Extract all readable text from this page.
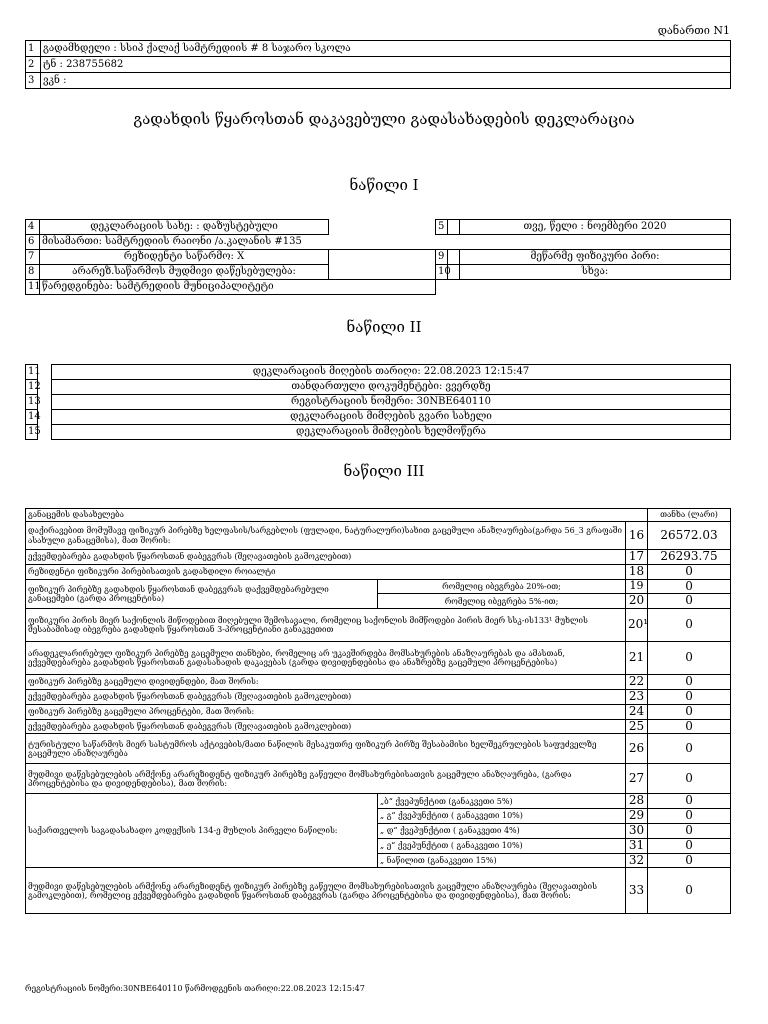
დანართი N1
1	გადამხდელი : სსიპ ქალაქ სამტრედიის # 8 საჯარო სკოლა
2	ტნ : 238755682
3	ვკნ :
გადახდის წყაროსთან დაკავებული გადასახადების დეკლარაცია
ნაწილი I
4	დეკლარაციის სახე: : დაზუსტებული		5		თვე, წელი : ნოემბერი 2020
6	მისამართი: სამტრედიის რაიონი /ა.კალანის #135				
7	რეზიდენტი საწარმო: X		9		მეწარმე ფიზიკური პირი:
8	არარეზ.საწარმოს მუდმივი დაწესებულება:		10		სხვა:
11	წარედგინება: სამტრედიის მუნიციპალიტეტი				
ნაწილი II
11		დეკლარაციის მიღების თარიღი: 22.08.2023 12:15:47
12		თანდართული დოკუმენტები: ვვერდზე
13		რეგისტრაციის ნომერი: 30NBE640110
14		დეკლარაციის მიმღების გვარი სახელი
15		დეკლარაციის მიმღების ხელმოწერა
ნაწილი III
განაცემის დასახელება			თანხა (ლარი)
დაქირავებით მომუშავე ფიზიკურ პირებზე ხელფასის/სარგებლის (ფულადი, ნატურალური)სახით გაცემული ანაზღაურება(გარდა 56_3 გრაფაში ასახული განაცემისა), მათ შორის:		16	26572.03
ექვემდებარება გადახდის წყაროსთან დაბეგვრას (შეღავათების გამოკლებით)		17	26293.75
რეზიდენტი ფიზიკური პირებისათვის გადახდილი როიალტი		18	0
ფიზიკურ პირებზე გადახდის წყაროსთან დაბეგვრას დაქვემდებარებული განაცემები (გარდა პროცენტისა)	რომელიც იბეგრება 20%-ით;	19	0
	რომელიც იბეგრება 5%-ით;	20	0
ფიზიკური პირის მიერ საქონლის მიწოდებით მიღებული შემოსავალი, რომელიც საქონლის მიმწოდები პირის მიერ სსკ-ის133¹ მუხლის შესაბამისად იბეგრება გადახდის წყაროსთან 3-პროცენტიანი განაკვეთით		20¹	0
არადეკლარირებულ ფიზიკურ პირებზე გაცემული თანხები, რომელიც არ უკავშირდება მომსახურების ანაზღაურებას და ამასთან, ექვემდებარება გადახდის წყაროსთან გადასახადის დაკავებას (გარდა დივიდენდებისა და ანაზრებზე გაცემული პროცენტებისა)		21	0
ფიზიკურ პირებზე გაცემული დივიდენდები, მათ შორის:		22	0
ექვემდებარება გადახდის წყაროსთან დაბეგვრას (შეღავათების გამოკლებით)		23	0
ფიზიკურ პირებზე გაცემული პროცენტები, მათ შორის:		24	0
ექვემდებარება გადახდის წყაროსთან დაბეგვრას (შეღავათების გამოკლებით)		25	0
ტურისტული საწარმოს მიერ სასტუმროს აქტივების/მათი ნაწილის მესაკუთრე ფიზიკურ პირზე შესაბამისი ხელშეკრულების საფუძველზე გაცემული ანაზღაურება		26	0
მუდმივი დაწესებულების არმქონე არარეზიდენტ ფიზიკურ პირებზე გაწეული მომსახურებისათვის გაცემული ანაზღაურება, (გარდა პროცენტებისა და დივიდენდებისა), მათ შორის:		27	0
საქართველოს საგადასახადო კოდექსის 134-ე მუხლის პირველი ნაწილის:	„ბ“ ქვეპუნქტით (განაკვეთი 5%)	28	0
	„ გ“ ქვეპუნქტით ( განაკვეთი 10%)	29	0
	„ დ“ ქვეპუნქტით ( განაკვეთი 4%)	30	0
	„ ე“ ქვეპუნქტით ( განაკვეთი 10%)	31	0
	„ ნაწილით (განაკვეთი 15%)	32	0
მუდმივი დაწესებულების არმქონე არარეზიდენტ ფიზიკურ პირებზე გაწეული მომსახურებისათვის გაცემული ანაზღაურება (შეღავათების გამოკლებით), რომელიც ექვემდებარება გადახდის წყაროსთან დაბეგვრას (გარდა პროცენტებისა და დივიდენდებისა), მათ შორის:		33	0
რეგისტრაციის ნომერი:30NBE640110 წარმოდგენის თარიღი:22.08.2023 12:15:47
